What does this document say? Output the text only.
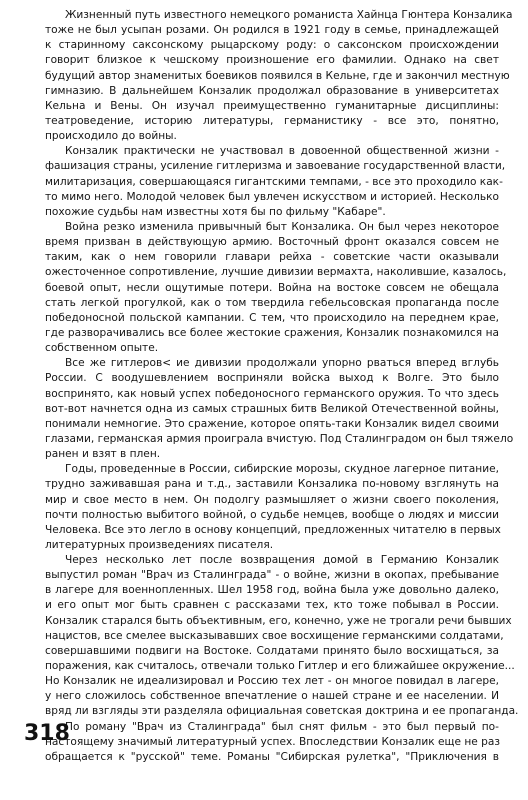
Жизненный путь известного немецкого романиста Хайнца Гюнтера Конзалика
тоже не был усыпан розами. Он родился в 1921 году в семье, принадлежащей
к старинному саксонскому рыцарскому роду: о саксонском происхождении
говорит близкое к чешскому произношение его фамилии. Однако на свет
будущий автор знаменитых боевиков появился в Кельне, где и закончил местную
гимназию. В дальнейшем Конзалик продолжал образование в университетах
Кельна и Вены. Он изучал преимущественно гуманитарные дисциплины:
театроведение, историю литературы, германистику - все это, понятно,
происходило до войны.
Конзалик практически не участвовал в довоенной общественной жизни -
фашизация страны, усиление гитлеризма и завоевание государственной власти,
милитаризация, совершающаяся гигантскими темпами, - все это проходило как-
то мимо него. Молодой человек был увлечен искусством и историей. Несколько
похожие судьбы нам известны хотя бы по фильму "Кабаре".
Война резко изменила привычный быт Конзалика. Он был через некоторое
время призван в действующую армию. Восточный фронт оказался совсем не
таким, как о нем говорили главари рейха - советские части оказывали
ожесточенное сопротивление, лучшие дивизии вермахта, наколившие, казалось,
боевой опыт, несли ощутимые потери. Война на востоке совсем не обещала
стать легкой прогулкой, как о том твердила гебельсовская пропаганда после
победоносной польской кампании. С тем, что происходило на переднем крае,
где разворачивались все более жестокие сражения, Конзалик познакомился на
собственном опыте.
Все же гитлеров< ие дивизии продолжали упорно рваться вперед вглубь
России. С воодушевлением восприняли войска выход к Волге. Это было
воспринято, как новый успех победоносного германского оружия. То что здесь
вот-вот начнется одна из самых страшных битв Великой Отечественной войны,
понимали немногие. Это сражение, которое опять-таки Конзалик видел своими
глазами, германская армия проиграла вчистую. Под Сталинградом он был тяжело
ранен и взят в плен.
Годы, проведенные в России, сибирские морозы, скудное лагерное питание,
трудно заживавшая рана и т.д., заставили Конзалика по-новому взглянуть на
мир и свое место в нем. Он подолгу размышляет о жизни своего поколения,
почти полностью выбитого войной, о судьбе немцев, вообще о людях и миссии
Человека. Все это легло в основу концепций, предложенных читателю в первых
литературных произведениях писателя.
Через несколько лет после возвращения домой в Германию Конзалик
выпустил роман "Врач из Сталинграда" - о войне, жизни в окопах, пребывание
в лагере для военнопленных. Шел 1958 год, война была уже довольно далеко,
и его опыт мог быть сравнен с рассказами тех, кто тоже побывал в России.
Конзалик старался быть объективным, его, конечно, уже не трогали речи бывших
нацистов, все смелее высказывавших свое восхищение германскими солдатами,
совершавшими подвиги на Востоке. Солдатами принято было восхищаться, за
поражения, как считалось, отвечали только Гитлер и его ближайшее окружение...
Но Конзалик не идеализировал и Россию тех лет - он многое повидал в лагере,
у него сложилось собственное впечатление о нашей стране и ее населении. И
вряд ли взгляды эти разделяла официальная советская доктрина и ее пропаганда.
По роману "Врач из Сталинграда" был снят фильм - это был первый по-
настоящему значимый литературный успех. Впоследствии Конзалик еще не раз
обращается к "русской" теме. Романы "Сибирская рулетка", "Приключения в
318
